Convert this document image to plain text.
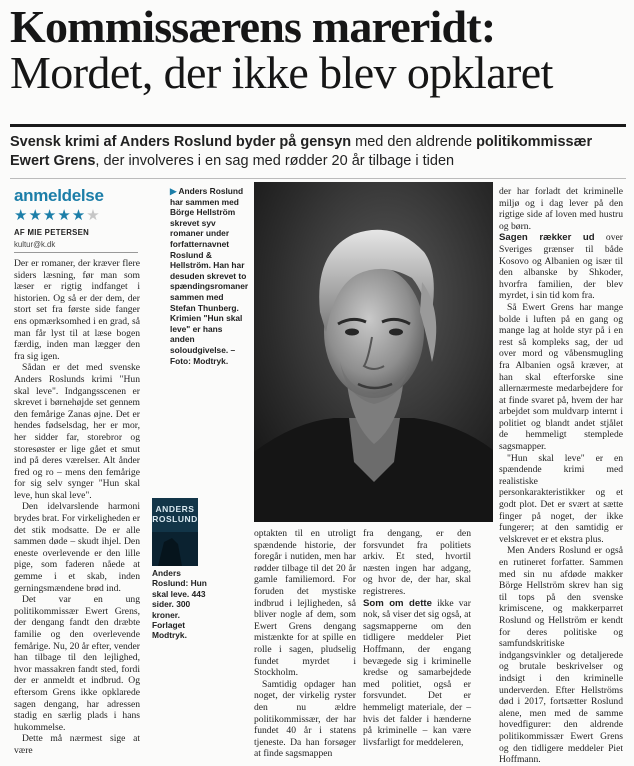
Kommissærens mareridt:
Mordet, der ikke blev opklaret

Svensk krimi af Anders Roslund byder på gensyn med den aldrende politikommissær Ewert Grens, der involveres i en sag med rødder 20 år tilbage i tiden

anmeldelse
★★★★★★
AF MIE PETERSEN
kultur@k.dk

Der er romaner, der kræver flere siders læsning, før man som læser er rigtig indfanget i historien. Og så er der dem, der stort set fra første side fanger ens opmærksomhed i en grad, så man får lyst til at læse bogen færdig, inden man lægger den fra sig igen.

Sådan er det med svenske Anders Roslunds krimi "Hun skal leve". Indgangsscenen er skrevet i børnehøjde set gennem den femårige Zanas øjne. Det er hendes fødselsdag, her er mor, her sidder far, storebror og storesøster er lige gået et smut ind på deres værelser. Alt ånder fred og ro – mens den femårige for sig selv synger "Hun skal leve, hun skal leve".

Den idelvarslende harmoni brydes brat. For virkeligheden er det stik modsatte. De er alle sammen døde – skudt ihjel. Den eneste overlevende er den lille pige, som faderen nåede at gemme i et skab, inden gerningsmændene brød ind.

Det var en ung politikommissær Ewert Grens, der dengang fandt den dræbte familie og den overlevende femårige. Nu, 20 år efter, vender han tilbage til den lejlighed, hvor massakren fandt sted, fordi der er anmeldt et indbrud. Og eftersom Grens ikke opklarede sagen dengang, har adressen stadig en særlig plads i hans hukommelse.

Dette må nærmest sige at være

▶ Anders Roslund har sammen med Börge Hellström skrevet syv romaner under forfatternavnet Roslund & Hellström. Han har desuden skrevet to spændingsromaner sammen med Stefan Thunberg. Krimien "Hun skal leve" er hans anden soloudgivelse. – Foto: Modtryk.
ANDERS
ROSLUND
Anders Roslund: Hun skal leve. 443 sider. 300 kroner. Forlaget Modtryk.

optakten til en utroligt spændende historie, der foregår i nutiden, men har rødder tilbage til det 20 år gamle familiemord. For foruden det mystiske indbrud i lejligheden, så bliver nogle af dem, som Ewert Grens dengang mistænkte for at spille en rolle i sagen, pludselig fundet myrdet i Stockholm.

Samtidig opdager han noget, der virkelig ryster den nu ældre politikommissær, der har fundet 40 år i statens tjeneste. Da han forsøger at finde sagsmappen

fra dengang, er den forsvundet fra politiets arkiv. Et sted, hvortil næsten ingen har adgang, og hvor de, der har, skal registreres.

Som om dette ikke var nok, så viser det sig også, at sagsmapperne om den tidligere meddeler Piet Hoffmann, der engang bevægede sig i kriminelle kredse og samarbejdede med politiet, også er forsvundet. Det er hemmeligt materiale, der – hvis det falder i hænderne på kriminelle – kan være livsfarligt for meddeleren,

der har forladt det kriminelle miljø og i dag lever på den rigtige side af loven med hustru og børn.

Sagen rækker ud over Sveriges grænser til både Kosovo og Albanien og især til den albanske by Shkoder, hvorfra familien, der blev myrdet, i sin tid kom fra.

Så Ewert Grens har mange bolde i luften på en gang og mange lag at holde styr på i en rest så kompleks sag, der ud over mord og våbensmugling fra Albanien også kræver, at han skal efterforske sine allernærmeste medarbejdere for at finde svaret på, hvem der har arbejdet som muldvarp internt i politiet og blandt andet stjålet de hemmeligt stemplede sagsmapper.

"Hun skal leve" er en spændende krimi med realistiske personkarakteristikker og et godt plot. Det er svært at sætte finger på noget, der ikke fungerer; at den samtidig er velskrevet er et ekstra plus.

Men Anders Roslund er også en rutineret forfatter. Sammen med sin nu afdøde makker Börge Hellström skrev han sig til tops på den svenske krimiscene, og makkerparret Roslund og Hellström er kendt for deres politiske og samfundskritiske indgangsvinkler og detaljerede og brutale beskrivelser og indsigt i den kriminelle underverden. Efter Hellströms død i 2017, fortsætter Roslund alene, men med de samme hovedfigurer: den aldrende politikommissær Ewert Grens og den tidligere meddeler Piet Hoffmann.
